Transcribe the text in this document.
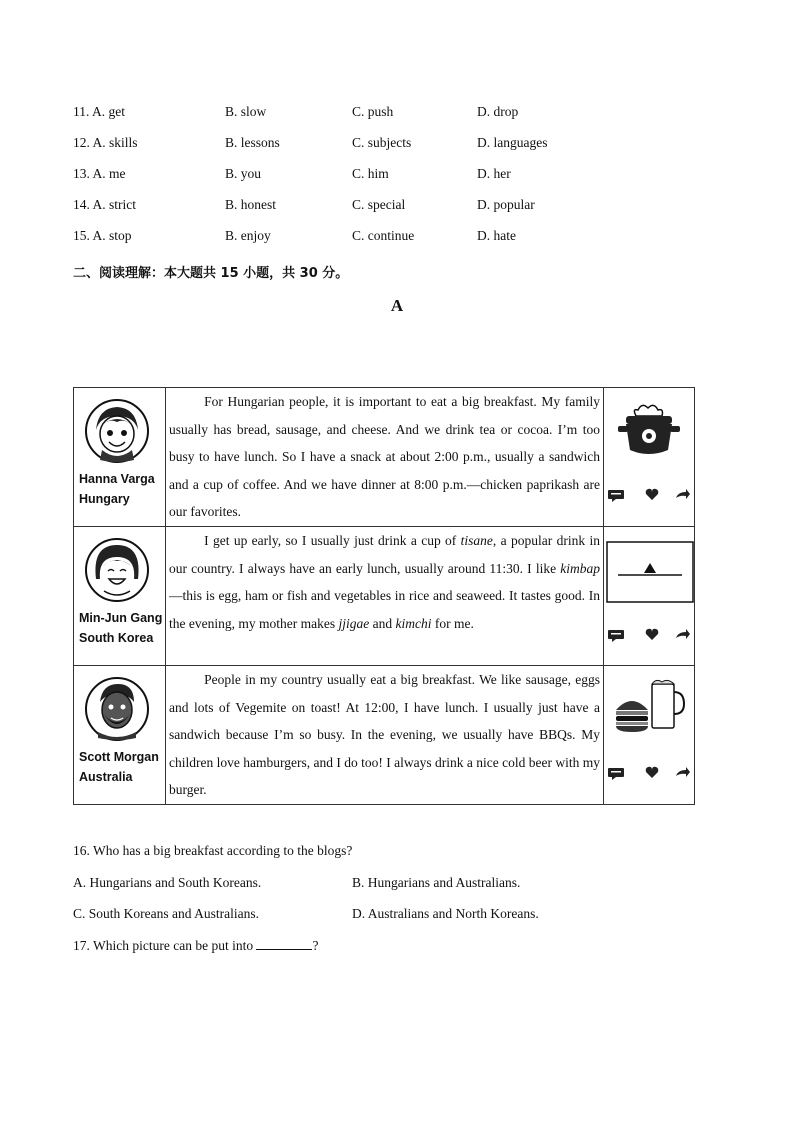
11. A. get	B. slow	C. push	D. drop
12. A. skills	B. lessons	C. subjects	D. languages
13. A. me	B. you	C. him	D. her
14. A. strict	B. honest	C. special	D. popular
15. A. stop	B. enjoy	C. continue	D. hate
二、阅读理解：本大题共 15 小题，共 30 分。
A
Hanna Varga
Hungary	For Hungarian people, it is important to eat a big breakfast. My family usually has bread, sausage, and cheese. And we drink tea or cocoa. I’m too busy to have lunch. So I have a snack at about 2:00 p.m., usually a sandwich and a cup of coffee. And we have dinner at 8:00 p.m.—chicken paprikash are our favorites.

Min-Jun Gang
South Korea	I get up early, so I usually just drink a cup of tisane, a popular drink in our country. I always have an early lunch, usually around 11:30. I like kimbap—this is egg, ham or fish and vegetables in rice and seaweed. It tastes good. In the evening, my mother makes jjigae and kimchi for me.

Scott Morgan
Australia	People in my country usually eat a big breakfast. We like sausage, eggs and lots of Vegemite on toast! At 12:00, I have lunch. I usually just have a sandwich because I’m so busy. In the evening, we usually have BBQs. My children love hamburgers, and I do too! I always drink a nice cold beer with my burger.

16. Who has a big breakfast according to the blogs?
A. Hungarians and South Koreans.	B. Hungarians and Australians.
C. South Koreans and Australians.	D. Australians and North Koreans.
17. Which picture can be put into	?
